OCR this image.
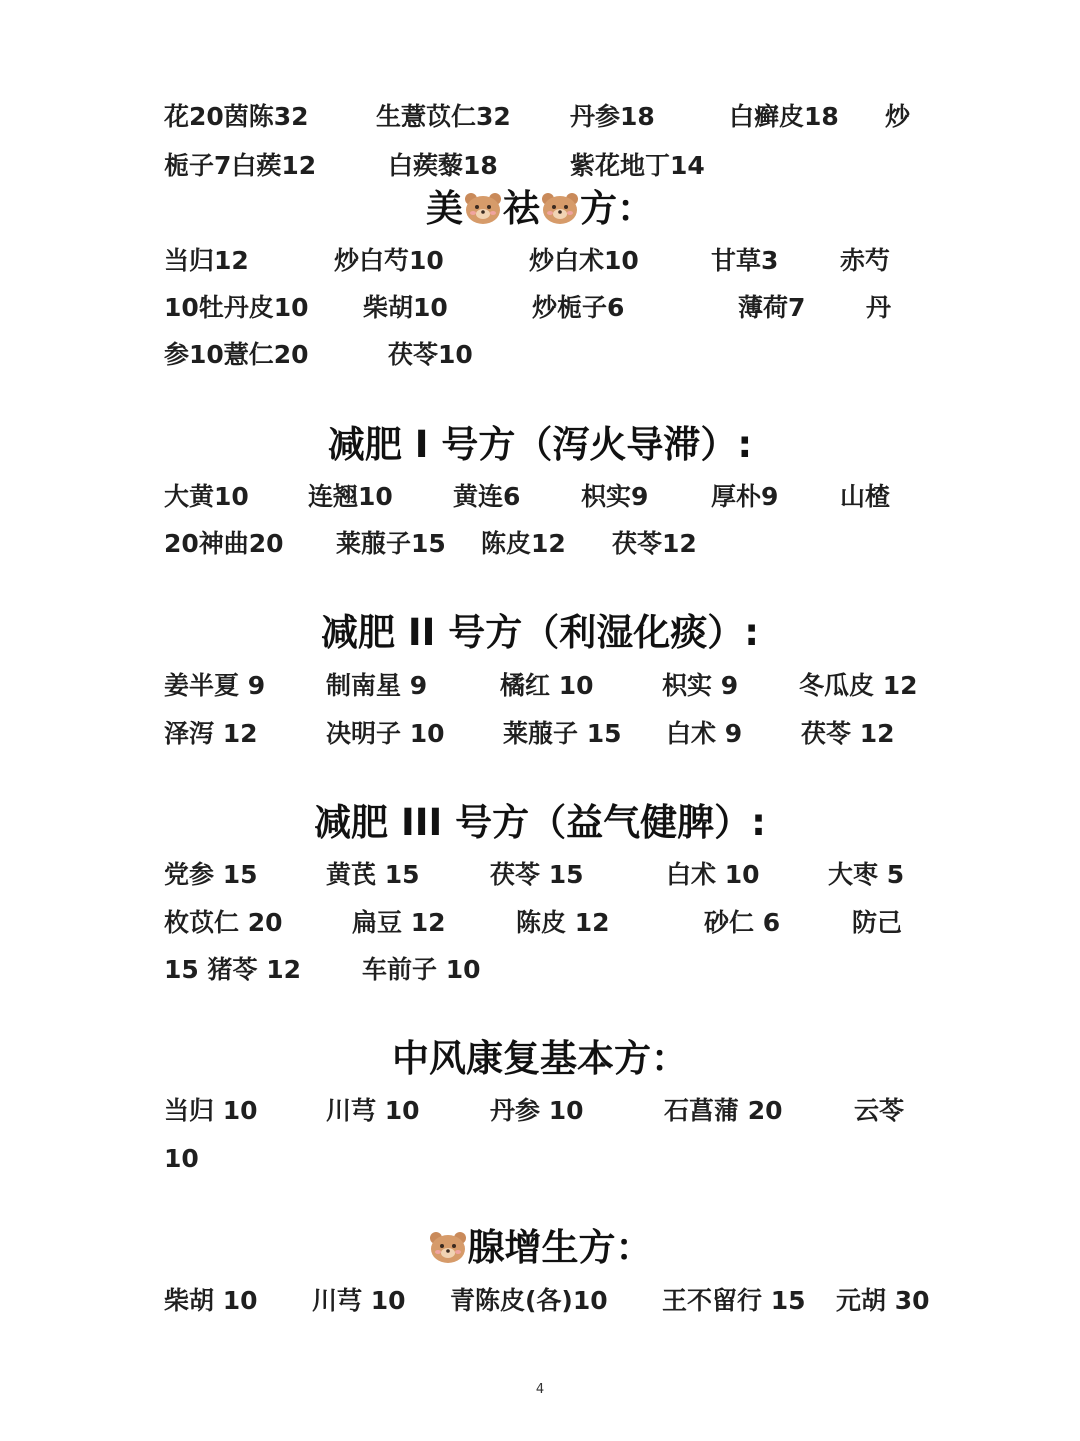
花20茵陈32	生薏苡仁32 丹参18	白癣皮18 炒
栀子7白蒺12	白蒺藜18	紫花地丁14
美 祛 方：
当归12	炒白芍10	炒白术10	甘草3 赤芍
10牡丹皮10 柴胡10	炒栀子6	薄荷7 丹
参10薏仁20	茯苓10
减肥 I 号方（泻火导滞）:
大黄10 连翘10 黄连6 枳实9	厚朴9 山楂
20神曲20 莱菔子15 陈皮12 茯苓12
减肥 II 号方（利湿化痰）:
姜半夏 9 制南星 9	橘红 10	枳实 9 冬瓜皮 12
泽泻 12	决明子 10 莱菔子 15 白术 9 茯苓 12
减肥 III 号方（益气健脾）:
党参 15	黄芪 15	茯苓 15	白术 10	大枣 5
枚苡仁 20	扁豆 12	陈皮 12	砂仁 6	防己
15 猪苓 12 车前子 10
中风康复基本方：
当归 10	川芎 10	丹参 10	石菖蒲 20	云苓
10
腺增生方：
柴胡 10 川芎 10 青陈皮(各)10 王不留行 15 元胡 30
4
